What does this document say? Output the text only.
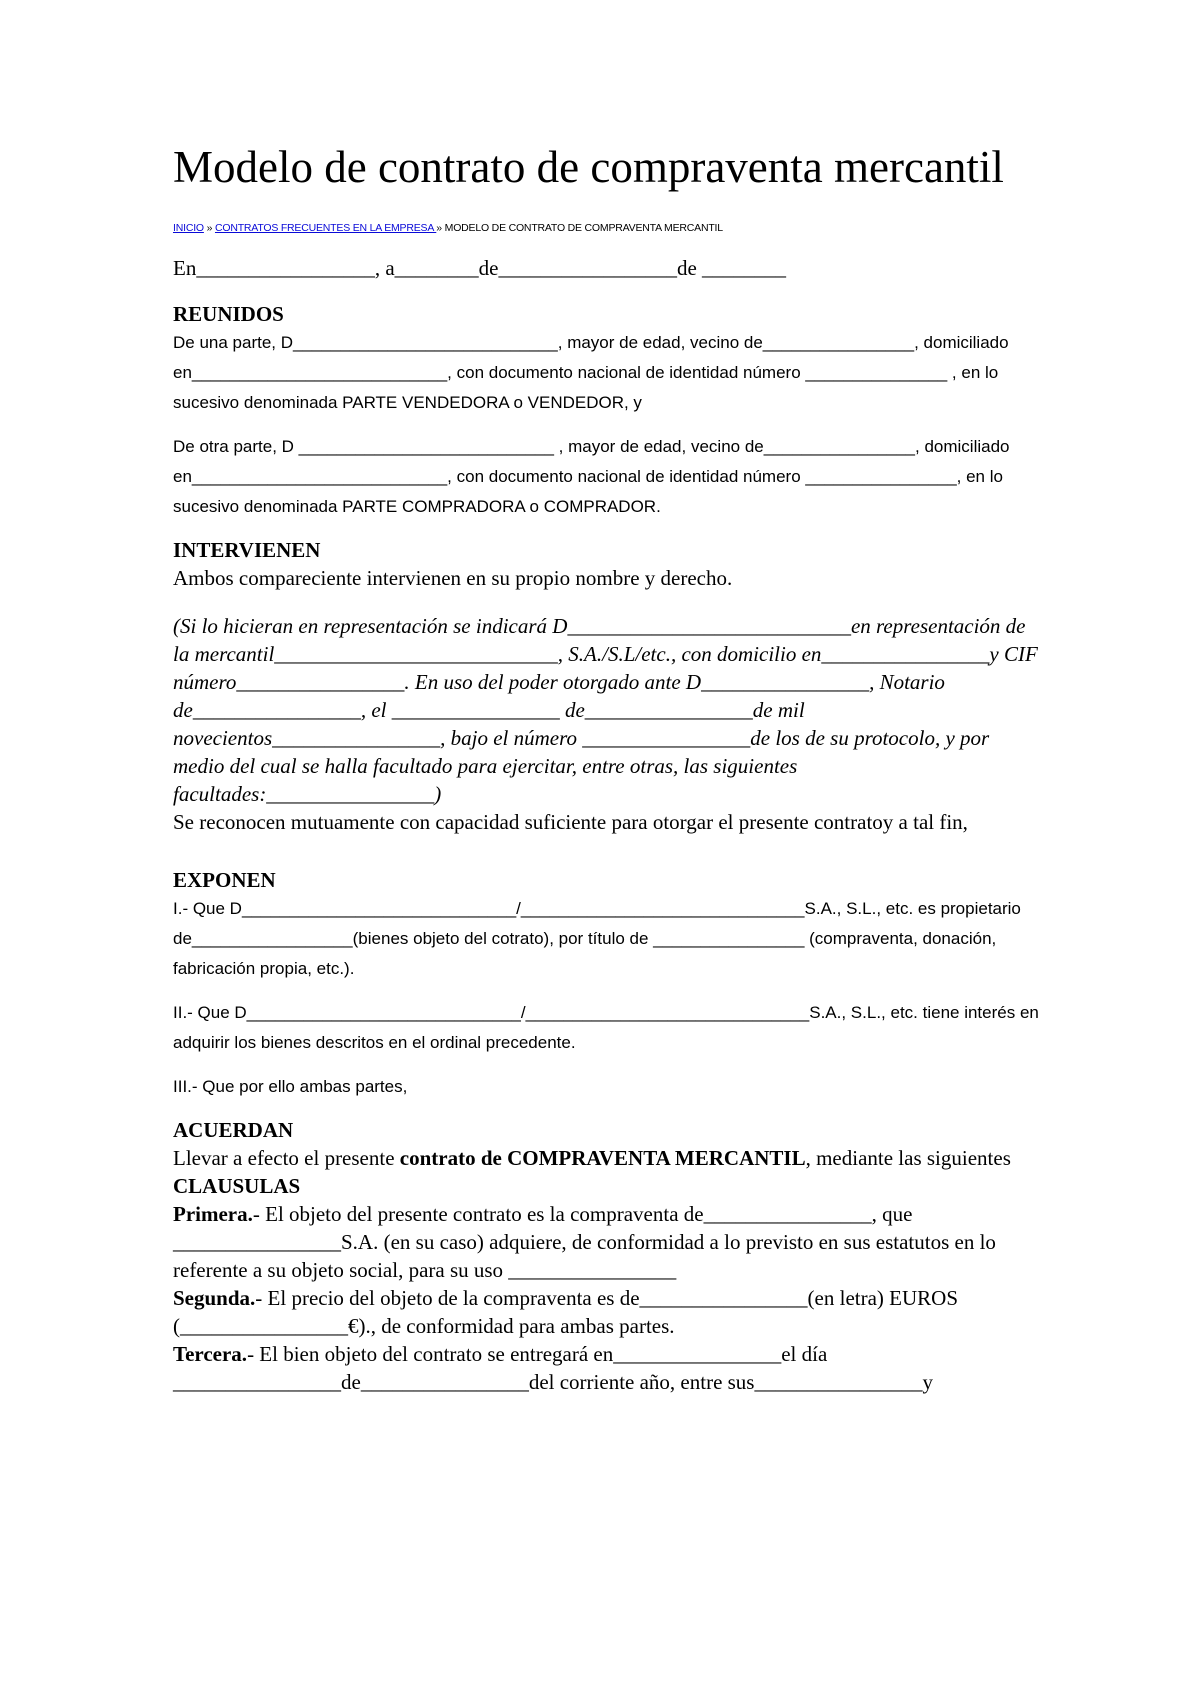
Modelo de contrato de compraventa mercantil
INICIO » CONTRATOS FRECUENTES EN LA EMPRESA » MODELO DE CONTRATO DE COMPRAVENTA MERCANTIL

En_________________, a________de_________________de ________

REUNIDOS

De una parte, D____________________________, mayor de edad, vecino de________________, domiciliado en___________________________, con documento nacional de identidad número _______________ , en lo sucesivo denominada PARTE VENDEDORA o VENDEDOR, y

De otra parte, D ___________________________ , mayor de edad, vecino de________________, domiciliado en___________________________, con documento nacional de identidad número ________________, en lo sucesivo denominada PARTE COMPRADORA o COMPRADOR.

INTERVIENEN

Ambos compareciente intervienen en su propio nombre y derecho.

(Si lo hicieran en representación se indicará D___________________________en representación de la mercantil___________________________, S.A./S.L/etc., con domicilio en________________y CIF número________________. En uso del poder otorgado ante D________________, Notario de________________, el ________________ de________________de mil novecientos________________, bajo el número ________________de los de su protocolo, y por medio del cual se halla facultado para ejercitar, entre otras, las siguientes facultades:________________)

Se reconocen mutuamente con capacidad suficiente para otorgar el presente contratoy a tal fin,

EXPONEN

I.- Que D_____________________________/______________________________S.A., S.L., etc. es propietario de_________________(bienes objeto del cotrato), por título de ________________ (compraventa, donación, fabricación propia, etc.).

II.- Que D_____________________________/______________________________S.A., S.L., etc. tiene interés en adquirir los bienes descritos en el ordinal precedente.

III.- Que por ello ambas partes,

ACUERDAN

Llevar a efecto el presente contrato de COMPRAVENTA MERCANTIL, mediante las siguientes

CLAUSULAS

Primera.- El objeto del presente contrato es la compraventa de________________, que ________________S.A. (en su caso) adquiere, de conformidad a lo previsto en sus estatutos en lo referente a su objeto social, para su uso ________________

Segunda.- El precio del objeto de la compraventa es de________________(en letra) EUROS (________________€)., de conformidad para ambas partes.

Tercera.- El bien objeto del contrato se entregará en________________el día ________________de________________del corriente año, entre sus________________y
